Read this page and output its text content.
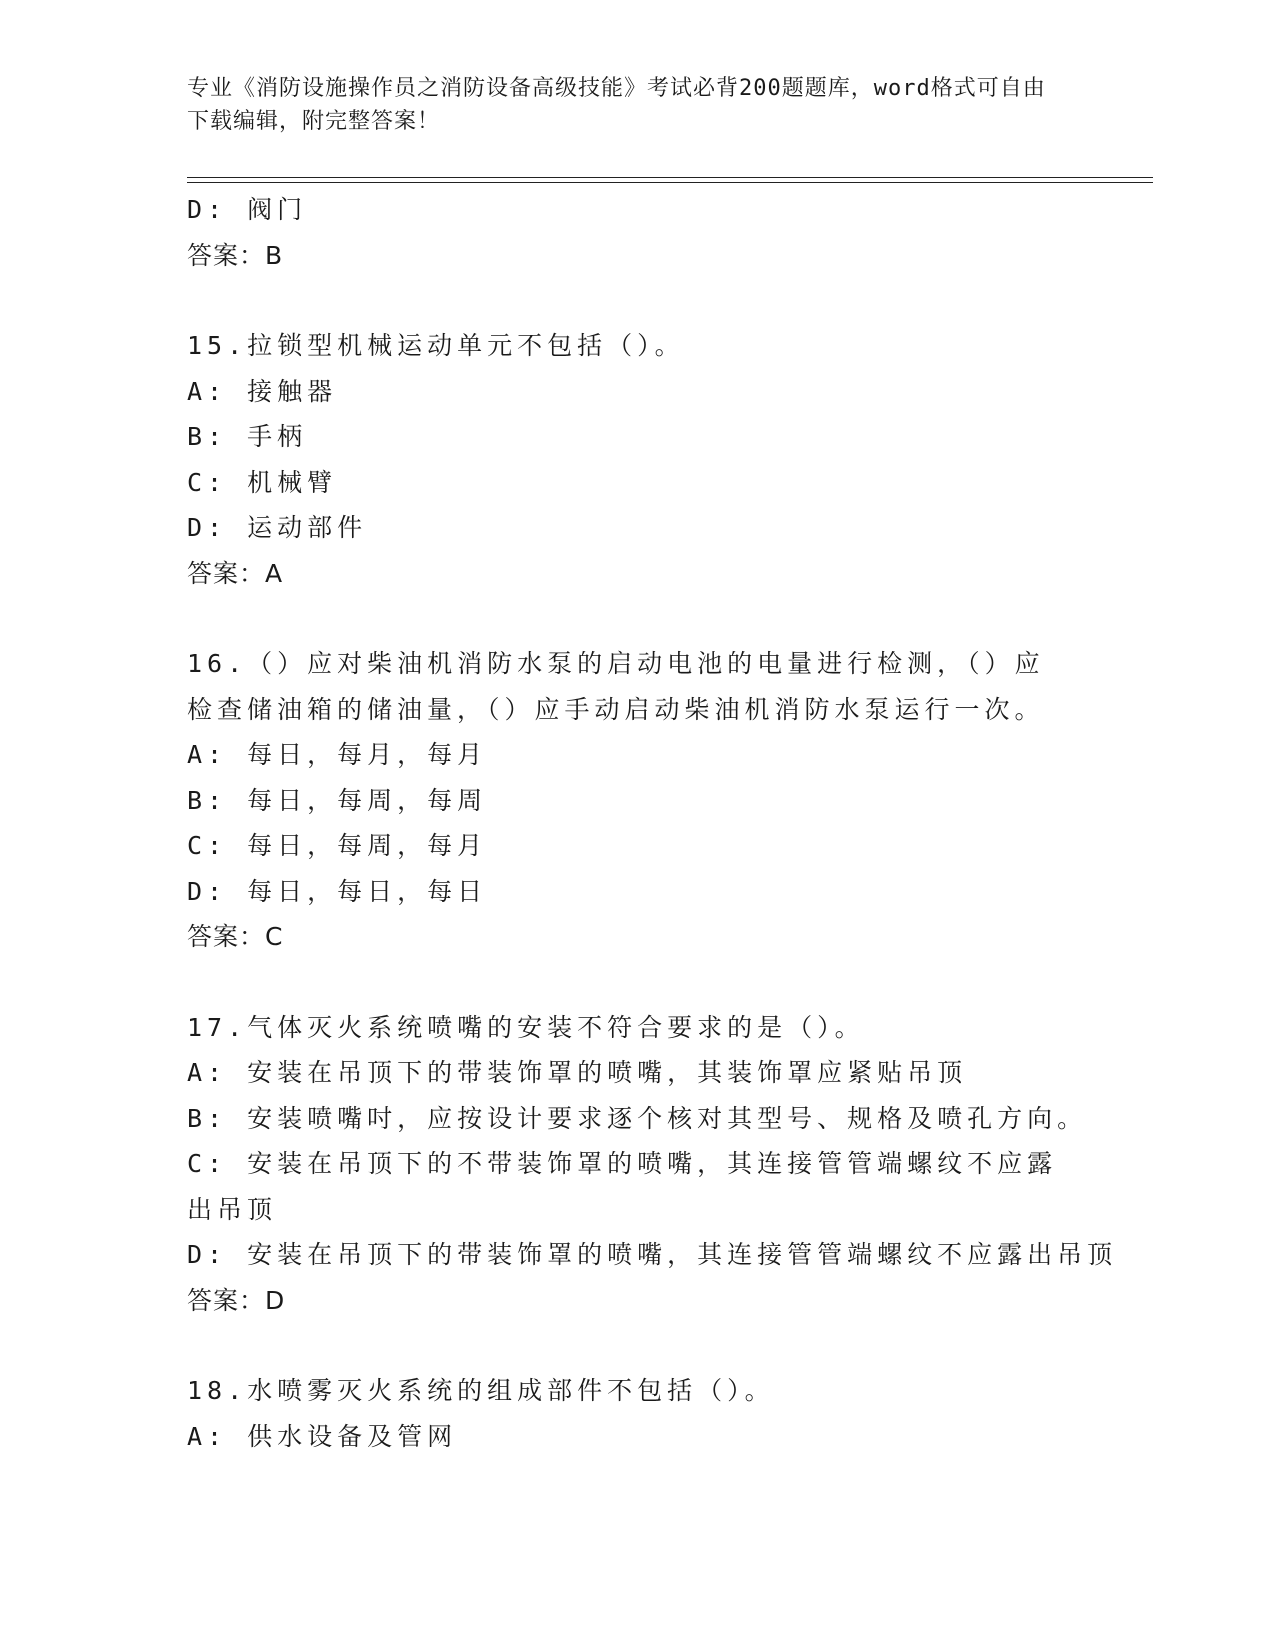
专业《消防设施操作员之消防设备高级技能》考试必背200题题库，word格式可自由下载编辑，附完整答案！

D: 阀门

答案：B

15.拉锁型机械运动单元不包括（）。

A: 接触器

B: 手柄

C: 机械臂

D: 运动部件

答案：A

16.（）应对柴油机消防水泵的启动电池的电量进行检测，（）应检查储油箱的储油量，（）应手动启动柴油机消防水泵运行一次。

A: 每日，每月，每月

B: 每日，每周，每周

C: 每日，每周，每月

D: 每日，每日，每日

答案：C

17.气体灭火系统喷嘴的安装不符合要求的是（）。

A: 安装在吊顶下的带装饰罩的喷嘴，其装饰罩应紧贴吊顶

B: 安装喷嘴吋，应按设计要求逐个核对其型号、规格及喷孔方向。

C: 安装在吊顶下的不带装饰罩的喷嘴，其连接管管端螺纹不应露出吊顶

D: 安装在吊顶下的带装饰罩的喷嘴，其连接管管端螺纹不应露出吊顶

答案：D

18.水喷雾灭火系统的组成部件不包括（）。

A: 供水设备及管网
